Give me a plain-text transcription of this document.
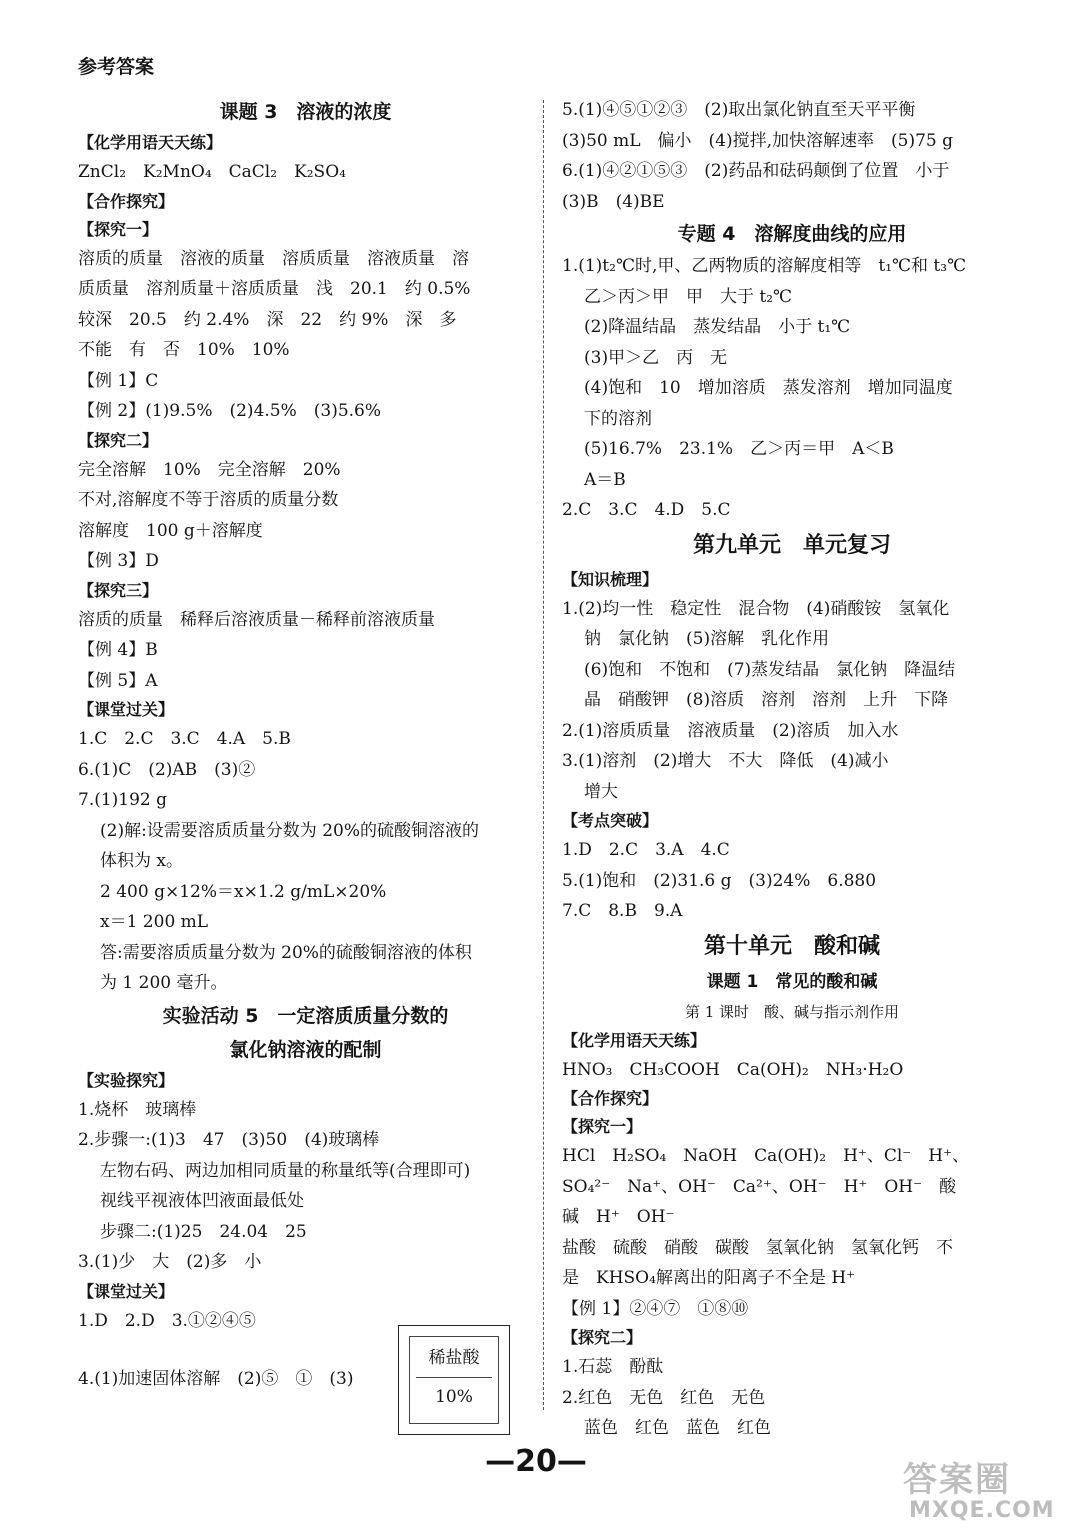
参考答案
课题 3　溶液的浓度
【化学用语天天练】
ZnCl₂　K₂MnO₄　CaCl₂　K₂SO₄
【合作探究】
【探究一】
溶质的质量　溶液的质量　溶质质量　溶液质量　溶
质质量　溶剂质量＋溶质质量　浅　20.1　约 0.5%
较深　20.5　约 2.4%　深　22　约 9%　深　多
不能　有　否　10%　10%
【例 1】C
【例 2】(1)9.5%　(2)4.5%　(3)5.6%
【探究二】
完全溶解　10%　完全溶解　20%
不对,溶解度不等于溶质的质量分数
溶解度　100 g＋溶解度
【例 3】D
【探究三】
溶质的质量　稀释后溶液质量－稀释前溶液质量
【例 4】B
【例 5】A
【课堂过关】
1.C　2.C　3.C　4.A　5.B
6.(1)C　(2)AB　(3)②
7.(1)192 g
(2)解:设需要溶质质量分数为 20%的硫酸铜溶液的
体积为 x。
2 400 g×12%＝x×1.2 g/mL×20%
x＝1 200 mL
答:需要溶质质量分数为 20%的硫酸铜溶液的体积
为 1 200 毫升。
实验活动 5　一定溶质质量分数的
氯化钠溶液的配制
【实验探究】
1.烧杯　玻璃棒
2.步骤一:(1)3　47　(3)50　(4)玻璃棒
左物右码、两边加相同质量的称量纸等(合理即可)
视线平视液体凹液面最低处
步骤二:(1)25　24.04　25
3.(1)少　大　(2)多　小
【课堂过关】
1.D　2.D　3.①②④⑤
4.(1)加速固体溶解　(2)⑤　①　(3)
稀盐酸
10%
5.(1)④⑤①②③　(2)取出氯化钠直至天平平衡
(3)50 mL　偏小　(4)搅拌,加快溶解速率　(5)75 g
6.(1)④②①⑤③　(2)药品和砝码颠倒了位置　小于
(3)B　(4)BE
专题 4　溶解度曲线的应用
1.(1)t₂℃时,甲、乙两物质的溶解度相等　t₁℃和 t₃℃
乙＞丙＞甲　甲　大于 t₂℃
(2)降温结晶　蒸发结晶　小于 t₁℃
(3)甲＞乙　丙　无
(4)饱和　10　增加溶质　蒸发溶剂　增加同温度
下的溶剂
(5)16.7%　23.1%　乙＞丙＝甲　A＜B
A＝B
2.C　3.C　4.D　5.C
第九单元　单元复习
【知识梳理】
1.(2)均一性　稳定性　混合物　(4)硝酸铵　氢氧化
钠　氯化钠　(5)溶解　乳化作用
(6)饱和　不饱和　(7)蒸发结晶　氯化钠　降温结
晶　硝酸钾　(8)溶质　溶剂　溶剂　上升　下降
2.(1)溶质质量　溶液质量　(2)溶质　加入水
3.(1)溶剂　(2)增大　不大　降低　(4)减小
增大
【考点突破】
1.D　2.C　3.A　4.C
5.(1)饱和　(2)31.6 g　(3)24%　6.880
7.C　8.B　9.A
第十单元　酸和碱
课题 1　常见的酸和碱
第 1 课时　酸、碱与指示剂作用
【化学用语天天练】
HNO₃　CH₃COOH　Ca(OH)₂　NH₃·H₂O
【合作探究】
【探究一】
HCl　H₂SO₄　NaOH　Ca(OH)₂　H⁺、Cl⁻　H⁺、
SO₄²⁻　Na⁺、OH⁻　Ca²⁺、OH⁻　H⁺　OH⁻　酸
碱　H⁺　OH⁻
盐酸　硫酸　硝酸　碳酸　氢氧化钠　氢氧化钙　不
是　KHSO₄解离出的阳离子不全是 H⁺
【例 1】②④⑦　①⑧⑩
【探究二】
1.石蕊　酚酞
2.红色　无色　红色　无色
蓝色　红色　蓝色　红色
—20—	答案圈
MXQE.COM
